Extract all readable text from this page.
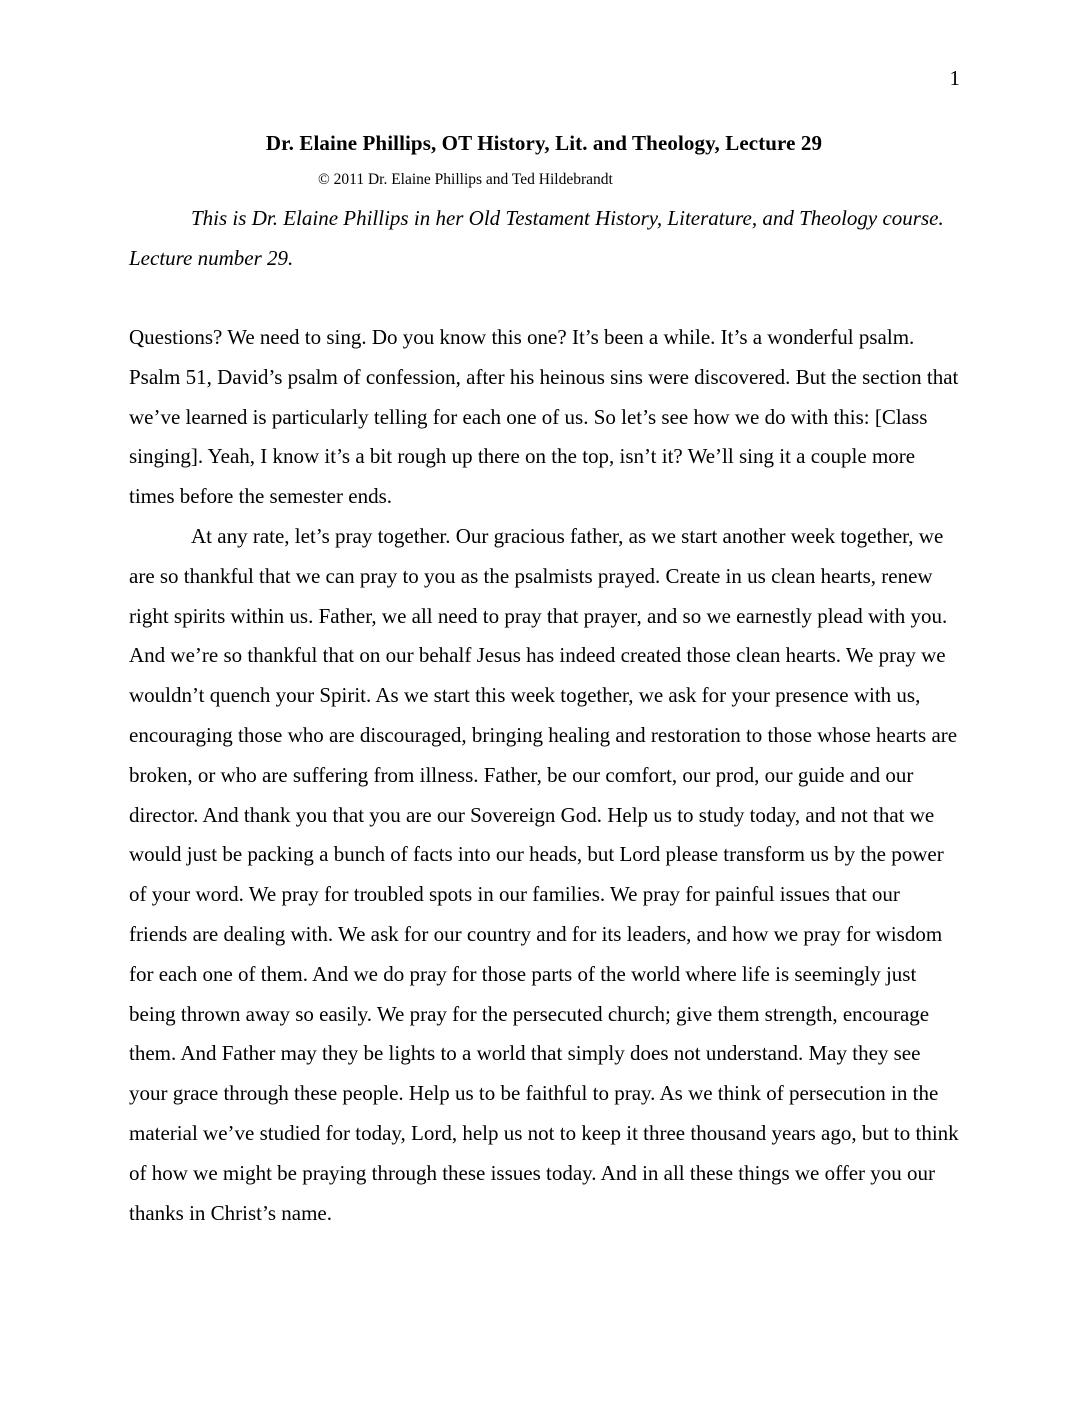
1
Dr. Elaine Phillips, OT History, Lit. and Theology, Lecture 29
© 2011 Dr. Elaine Phillips and Ted Hildebrandt

This is Dr. Elaine Phillips in her Old Testament History, Literature, and Theology course. Lecture number 29.

Questions? We need to sing. Do you know this one? It’s been a while. It’s a wonderful psalm. Psalm 51, David’s psalm of confession, after his heinous sins were discovered. But the section that we’ve learned is particularly telling for each one of us. So let’s see how we do with this: [Class singing]. Yeah, I know it’s a bit rough up there on the top, isn’t it? We’ll sing it a couple more times before the semester ends.

At any rate, let’s pray together. Our gracious father, as we start another week together, we are so thankful that we can pray to you as the psalmists prayed. Create in us clean hearts, renew right spirits within us. Father, we all need to pray that prayer, and so we earnestly plead with you. And we’re so thankful that on our behalf Jesus has indeed created those clean hearts. We pray we wouldn’t quench your Spirit. As we start this week together, we ask for your presence with us, encouraging those who are discouraged, bringing healing and restoration to those whose hearts are broken, or who are suffering from illness. Father, be our comfort, our prod, our guide and our director. And thank you that you are our Sovereign God. Help us to study today, and not that we would just be packing a bunch of facts into our heads, but Lord please transform us by the power of your word. We pray for troubled spots in our families. We pray for painful issues that our friends are dealing with. We ask for our country and for its leaders, and how we pray for wisdom for each one of them. And we do pray for those parts of the world where life is seemingly just being thrown away so easily. We pray for the persecuted church; give them strength, encourage them. And Father may they be lights to a world that simply does not understand. May they see your grace through these people. Help us to be faithful to pray. As we think of persecution in the material we’ve studied for today, Lord, help us not to keep it three thousand years ago, but to think of how we might be praying through these issues today. And in all these things we offer you our thanks in Christ’s name.
